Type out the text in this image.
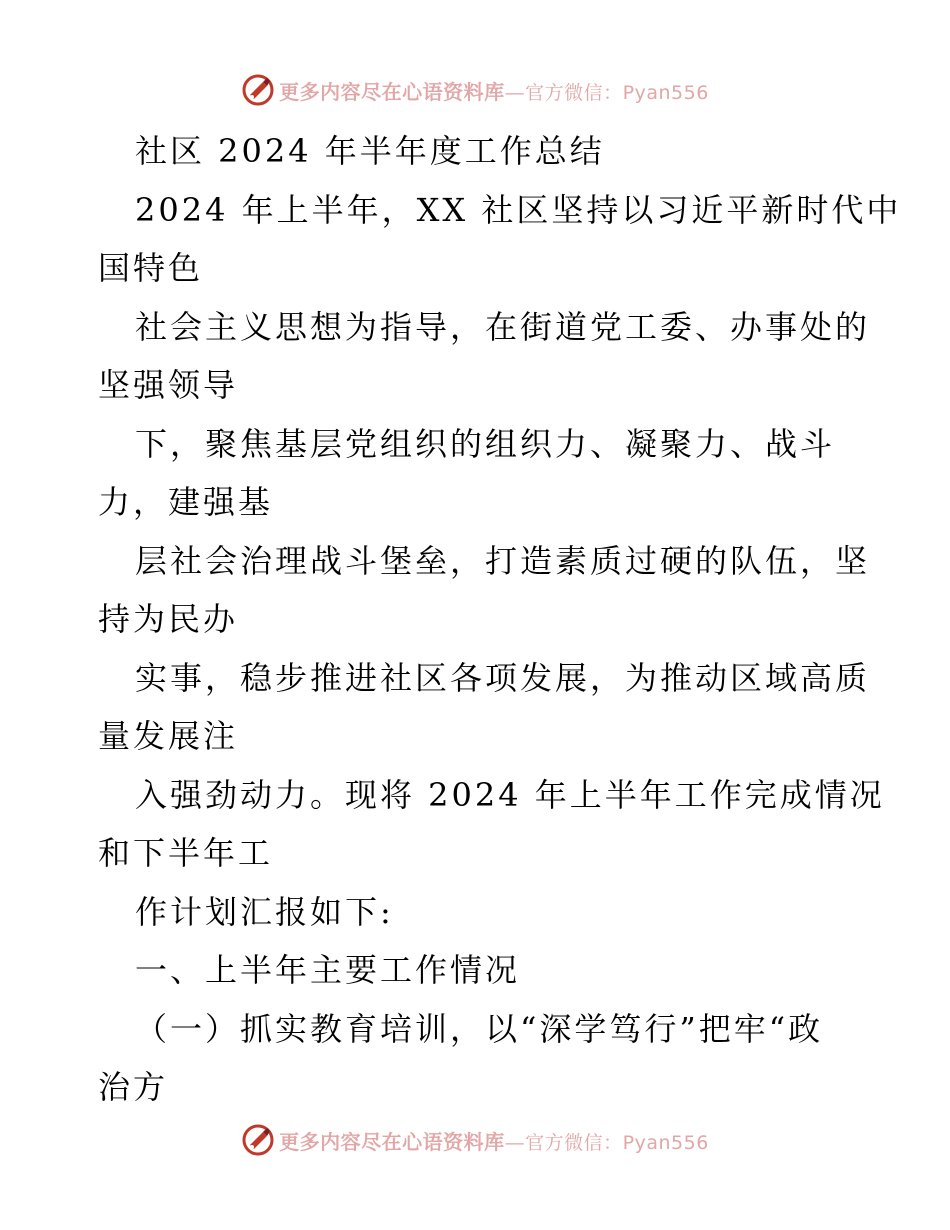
更多内容尽在心语资料库 — 官方微信：Pyan556
社区 2024 年半年度工作总结
2024 年上半年，XX 社区坚持以习近平新时代中
国特色
社会主义思想为指导，在街道党工委、办事处的
坚强领导
下，聚焦基层党组织的组织力、凝聚力、战斗
力，建强基
层社会治理战斗堡垒，打造素质过硬的队伍，坚
持为民办
实事，稳步推进社区各项发展，为推动区域高质
量发展注
入强劲动力。现将 2024 年上半年工作完成情况
和下半年工
作计划汇报如下:
一、上半年主要工作情况
（一）抓实教育培训，以“深学笃行”把牢“政
治方
更多内容尽在心语资料库 — 官方微信：Pyan556
